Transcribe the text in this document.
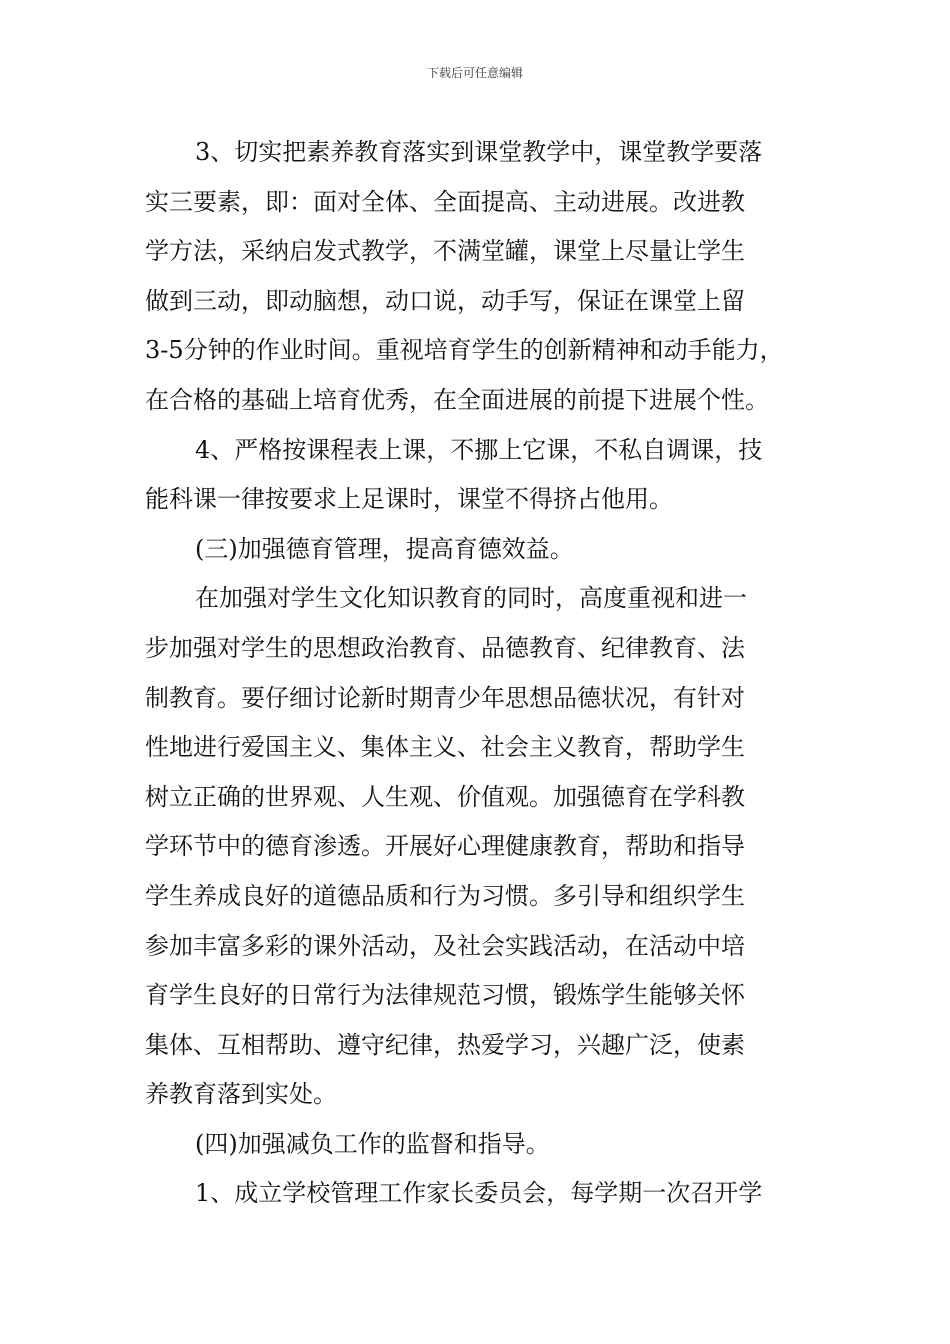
下载后可任意编辑
3、切实把素养教育落实到课堂教学中，课堂教学要落
实三要素，即：面对全体、全面提高、主动进展。改进教
学方法，采纳启发式教学，不满堂罐，课堂上尽量让学生
做到三动，即动脑想，动口说，动手写，保证在课堂上留
3-5分钟的作业时间。重视培育学生的创新精神和动手能力，
在合格的基础上培育优秀，在全面进展的前提下进展个性。
4、严格按课程表上课，不挪上它课，不私自调课，技
能科课一律按要求上足课时，课堂不得挤占他用。
(三)加强德育管理，提高育德效益。
在加强对学生文化知识教育的同时，高度重视和进一
步加强对学生的思想政治教育、品德教育、纪律教育、法
制教育。要仔细讨论新时期青少年思想品德状况，有针对
性地进行爱国主义、集体主义、社会主义教育，帮助学生
树立正确的世界观、人生观、价值观。加强德育在学科教
学环节中的德育渗透。开展好心理健康教育，帮助和指导
学生养成良好的道德品质和行为习惯。多引导和组织学生
参加丰富多彩的课外活动，及社会实践活动，在活动中培
育学生良好的日常行为法律规范习惯，锻炼学生能够关怀
集体、互相帮助、遵守纪律，热爱学习，兴趣广泛，使素
养教育落到实处。
(四)加强减负工作的监督和指导。
1、成立学校管理工作家长委员会，每学期一次召开学
